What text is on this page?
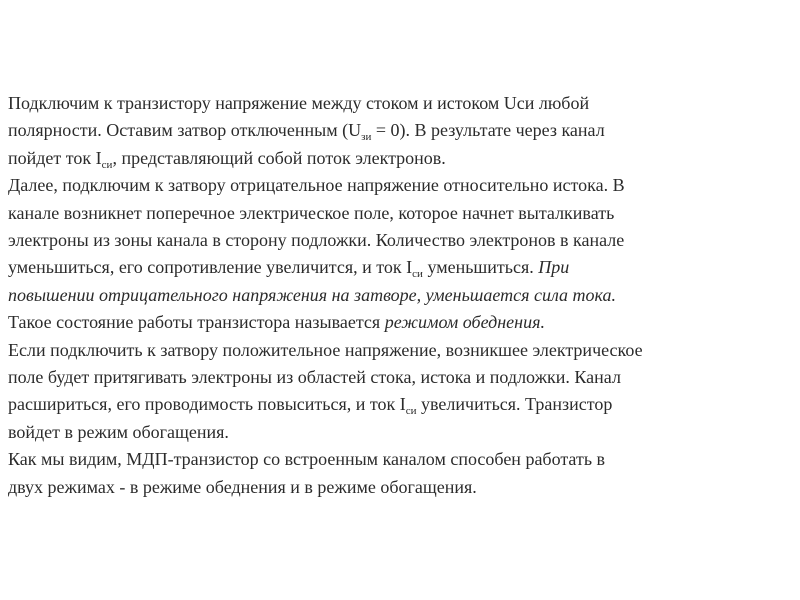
Подключим к транзистору напряжение между стоком и истоком Uси любой
полярности. Оставим затвор отключенным $(U_{зи} = 0)$. В результате через канал
пойдет ток $I_{си}$, представляющий собой поток электронов.
Далее, подключим к затвору отрицательное напряжение относительно истока. В
канале возникнет поперечное электрическое поле, которое начнет выталкивать
электроны из зоны канала в сторону подложки. Количество электронов в канале
уменьшиться, его сопротивление увеличится, и ток $I_{си}$ уменьшиться. При
повышении отрицательного напряжения на затворе, уменьшается сила тока.
Такое состояние работы транзистора называется режимом обеднения.
Если подключить к затвору положительное напряжение, возникшее электрическое
поле будет притягивать электроны из областей стока, истока и подложки. Канал
расшириться, его проводимость повыситься, и ток $I_{си}$ увеличиться. Транзистор
войдет в режим обогащения.
Как мы видим, МДП-транзистор со встроенным каналом способен работать в
двух режимах - в режиме обеднения и в режиме обогащения.
